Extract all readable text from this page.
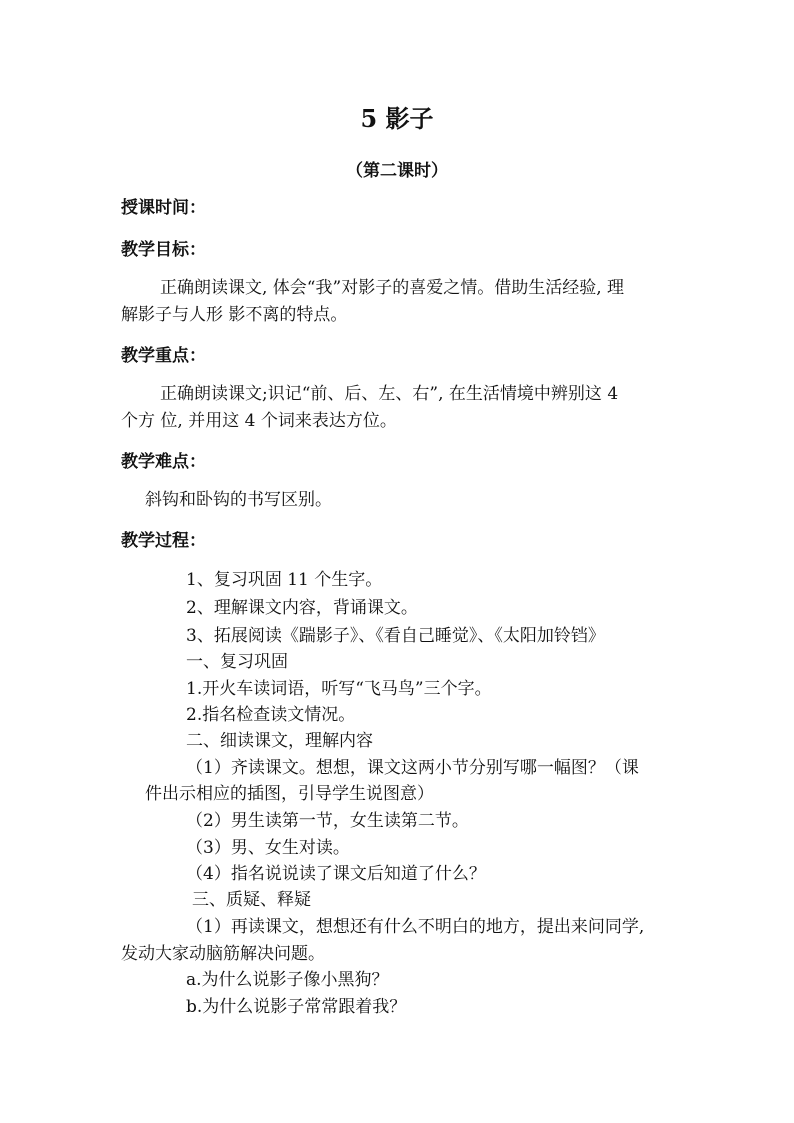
5 影子
（第二课时）
授课时间：
教学目标：
正确朗读课文, 体会“我”对影子的喜爱之情。借助生活经验, 理
解影子与人形 影不离的特点。
教学重点：
正确朗读课文;识记“前、后、左、右”, 在生活情境中辨别这 4
个方 位, 并用这 4 个词来表达方位。
教学难点：
斜钩和卧钩的书写区别。
教学过程：
1、复习巩固 11 个生字。
2、理解课文内容，背诵课文。
3、拓展阅读《踹影子》、《看自己睡觉》、《太阳加铃铛》
一、复习巩固
1.开火车读词语，听写“飞马鸟”三个字。
2.指名检查读文情况。
二、细读课文，理解内容
（1）齐读课文。想想，课文这两小节分别写哪一幅图？（课
件出示相应的插图，引导学生说图意）
（2）男生读第一节，女生读第二节。
（3）男、女生对读。
（4）指名说说读了课文后知道了什么？
三、质疑、释疑
（1）再读课文，想想还有什么不明白的地方，提出来问同学,
发动大家动脑筋解决问题。
a.为什么说影子像小黑狗？
b.为什么说影子常常跟着我？
